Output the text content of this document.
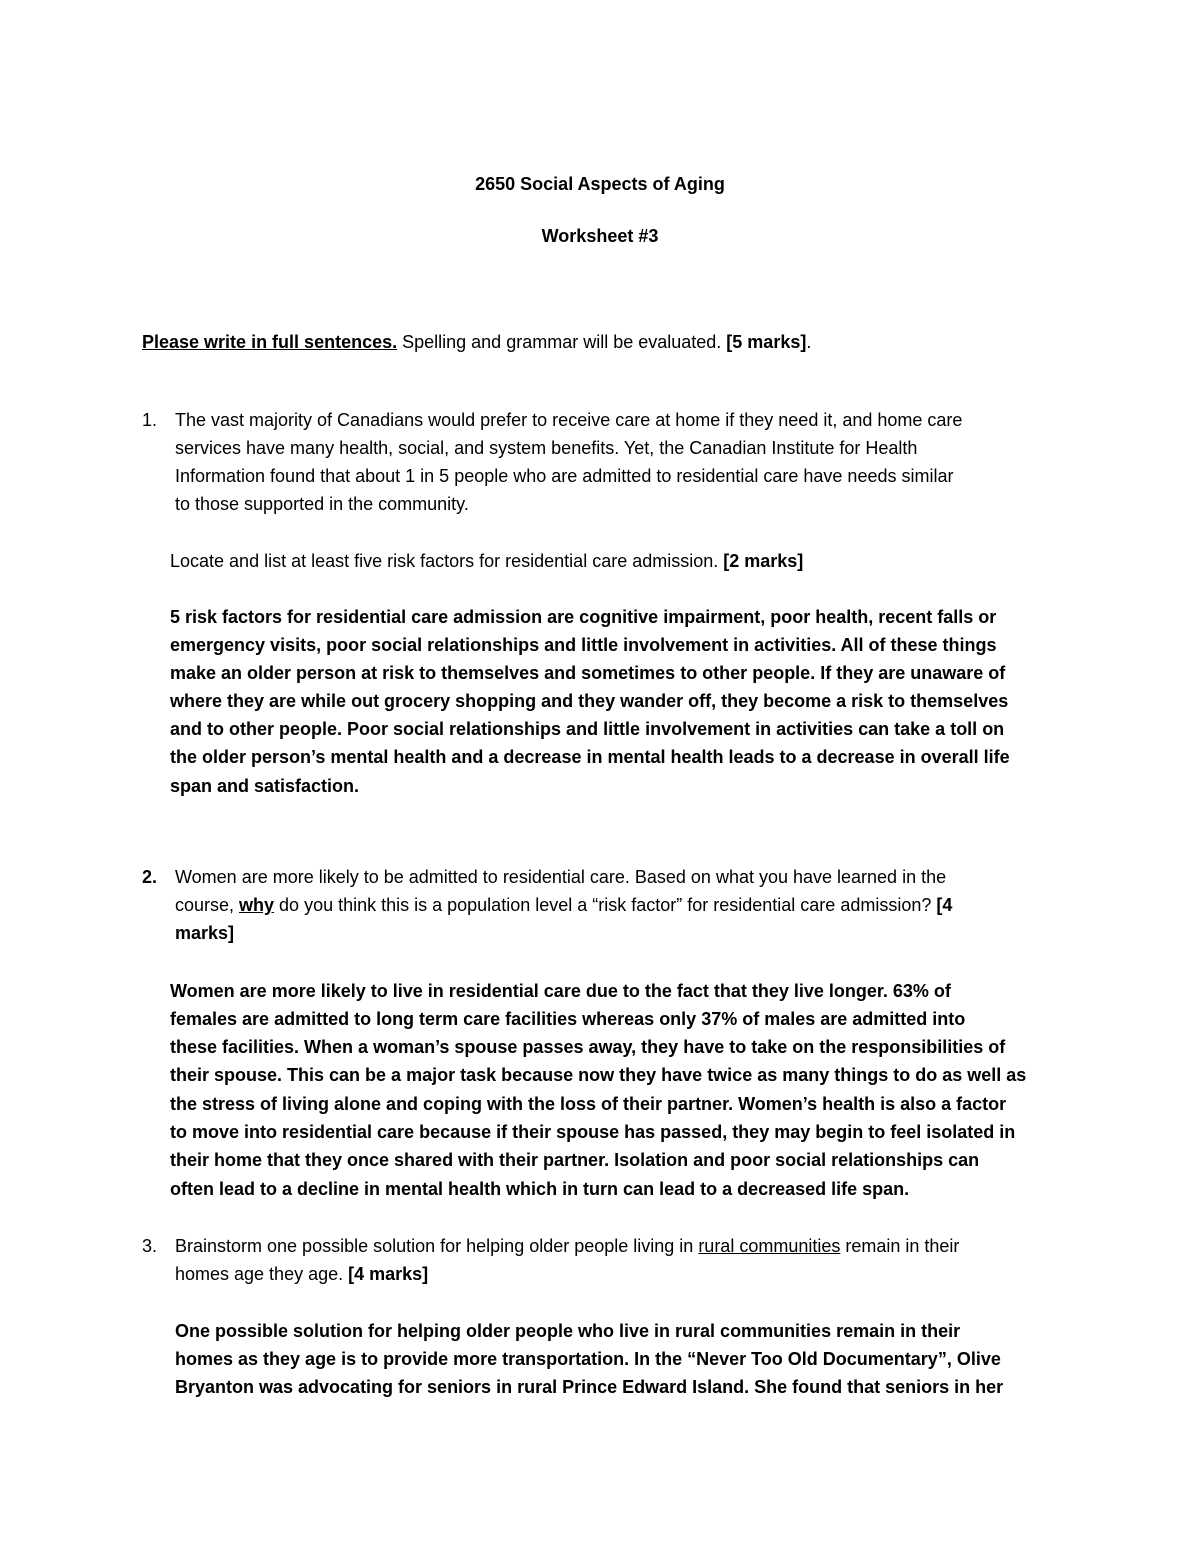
2650 Social Aspects of Aging
Worksheet #3
Please write in full sentences. Spelling and grammar will be evaluated. [5 marks].
1. The vast majority of Canadians would prefer to receive care at home if they need it, and home care
services have many health, social, and system benefits. Yet, the Canadian Institute for Health
Information found that about 1 in 5 people who are admitted to residential care have needs similar
to those supported in the community.
Locate and list at least five risk factors for residential care admission. [2 marks]
5 risk factors for residential care admission are cognitive impairment, poor health, recent falls or
emergency visits, poor social relationships and little involvement in activities. All of these things
make an older person at risk to themselves and sometimes to other people. If they are unaware of
where they are while out grocery shopping and they wander off, they become a risk to themselves
and to other people. Poor social relationships and little involvement in activities can take a toll on
the older person’s mental health and a decrease in mental health leads to a decrease in overall life
span and satisfaction.
2. Women are more likely to be admitted to residential care. Based on what you have learned in the
course, why do you think this is a population level a “risk factor” for residential care admission? [4
marks]
Women are more likely to live in residential care due to the fact that they live longer. 63% of
females are admitted to long term care facilities whereas only 37% of males are admitted into
these facilities. When a woman’s spouse passes away, they have to take on the responsibilities of
their spouse. This can be a major task because now they have twice as many things to do as well as
the stress of living alone and coping with the loss of their partner. Women’s health is also a factor
to move into residential care because if their spouse has passed, they may begin to feel isolated in
their home that they once shared with their partner. Isolation and poor social relationships can
often lead to a decline in mental health which in turn can lead to a decreased life span.
3. Brainstorm one possible solution for helping older people living in rural communities remain in their
homes age they age. [4 marks]
One possible solution for helping older people who live in rural communities remain in their
homes as they age is to provide more transportation. In the “Never Too Old Documentary”, Olive
Bryanton was advocating for seniors in rural Prince Edward Island. She found that seniors in her
